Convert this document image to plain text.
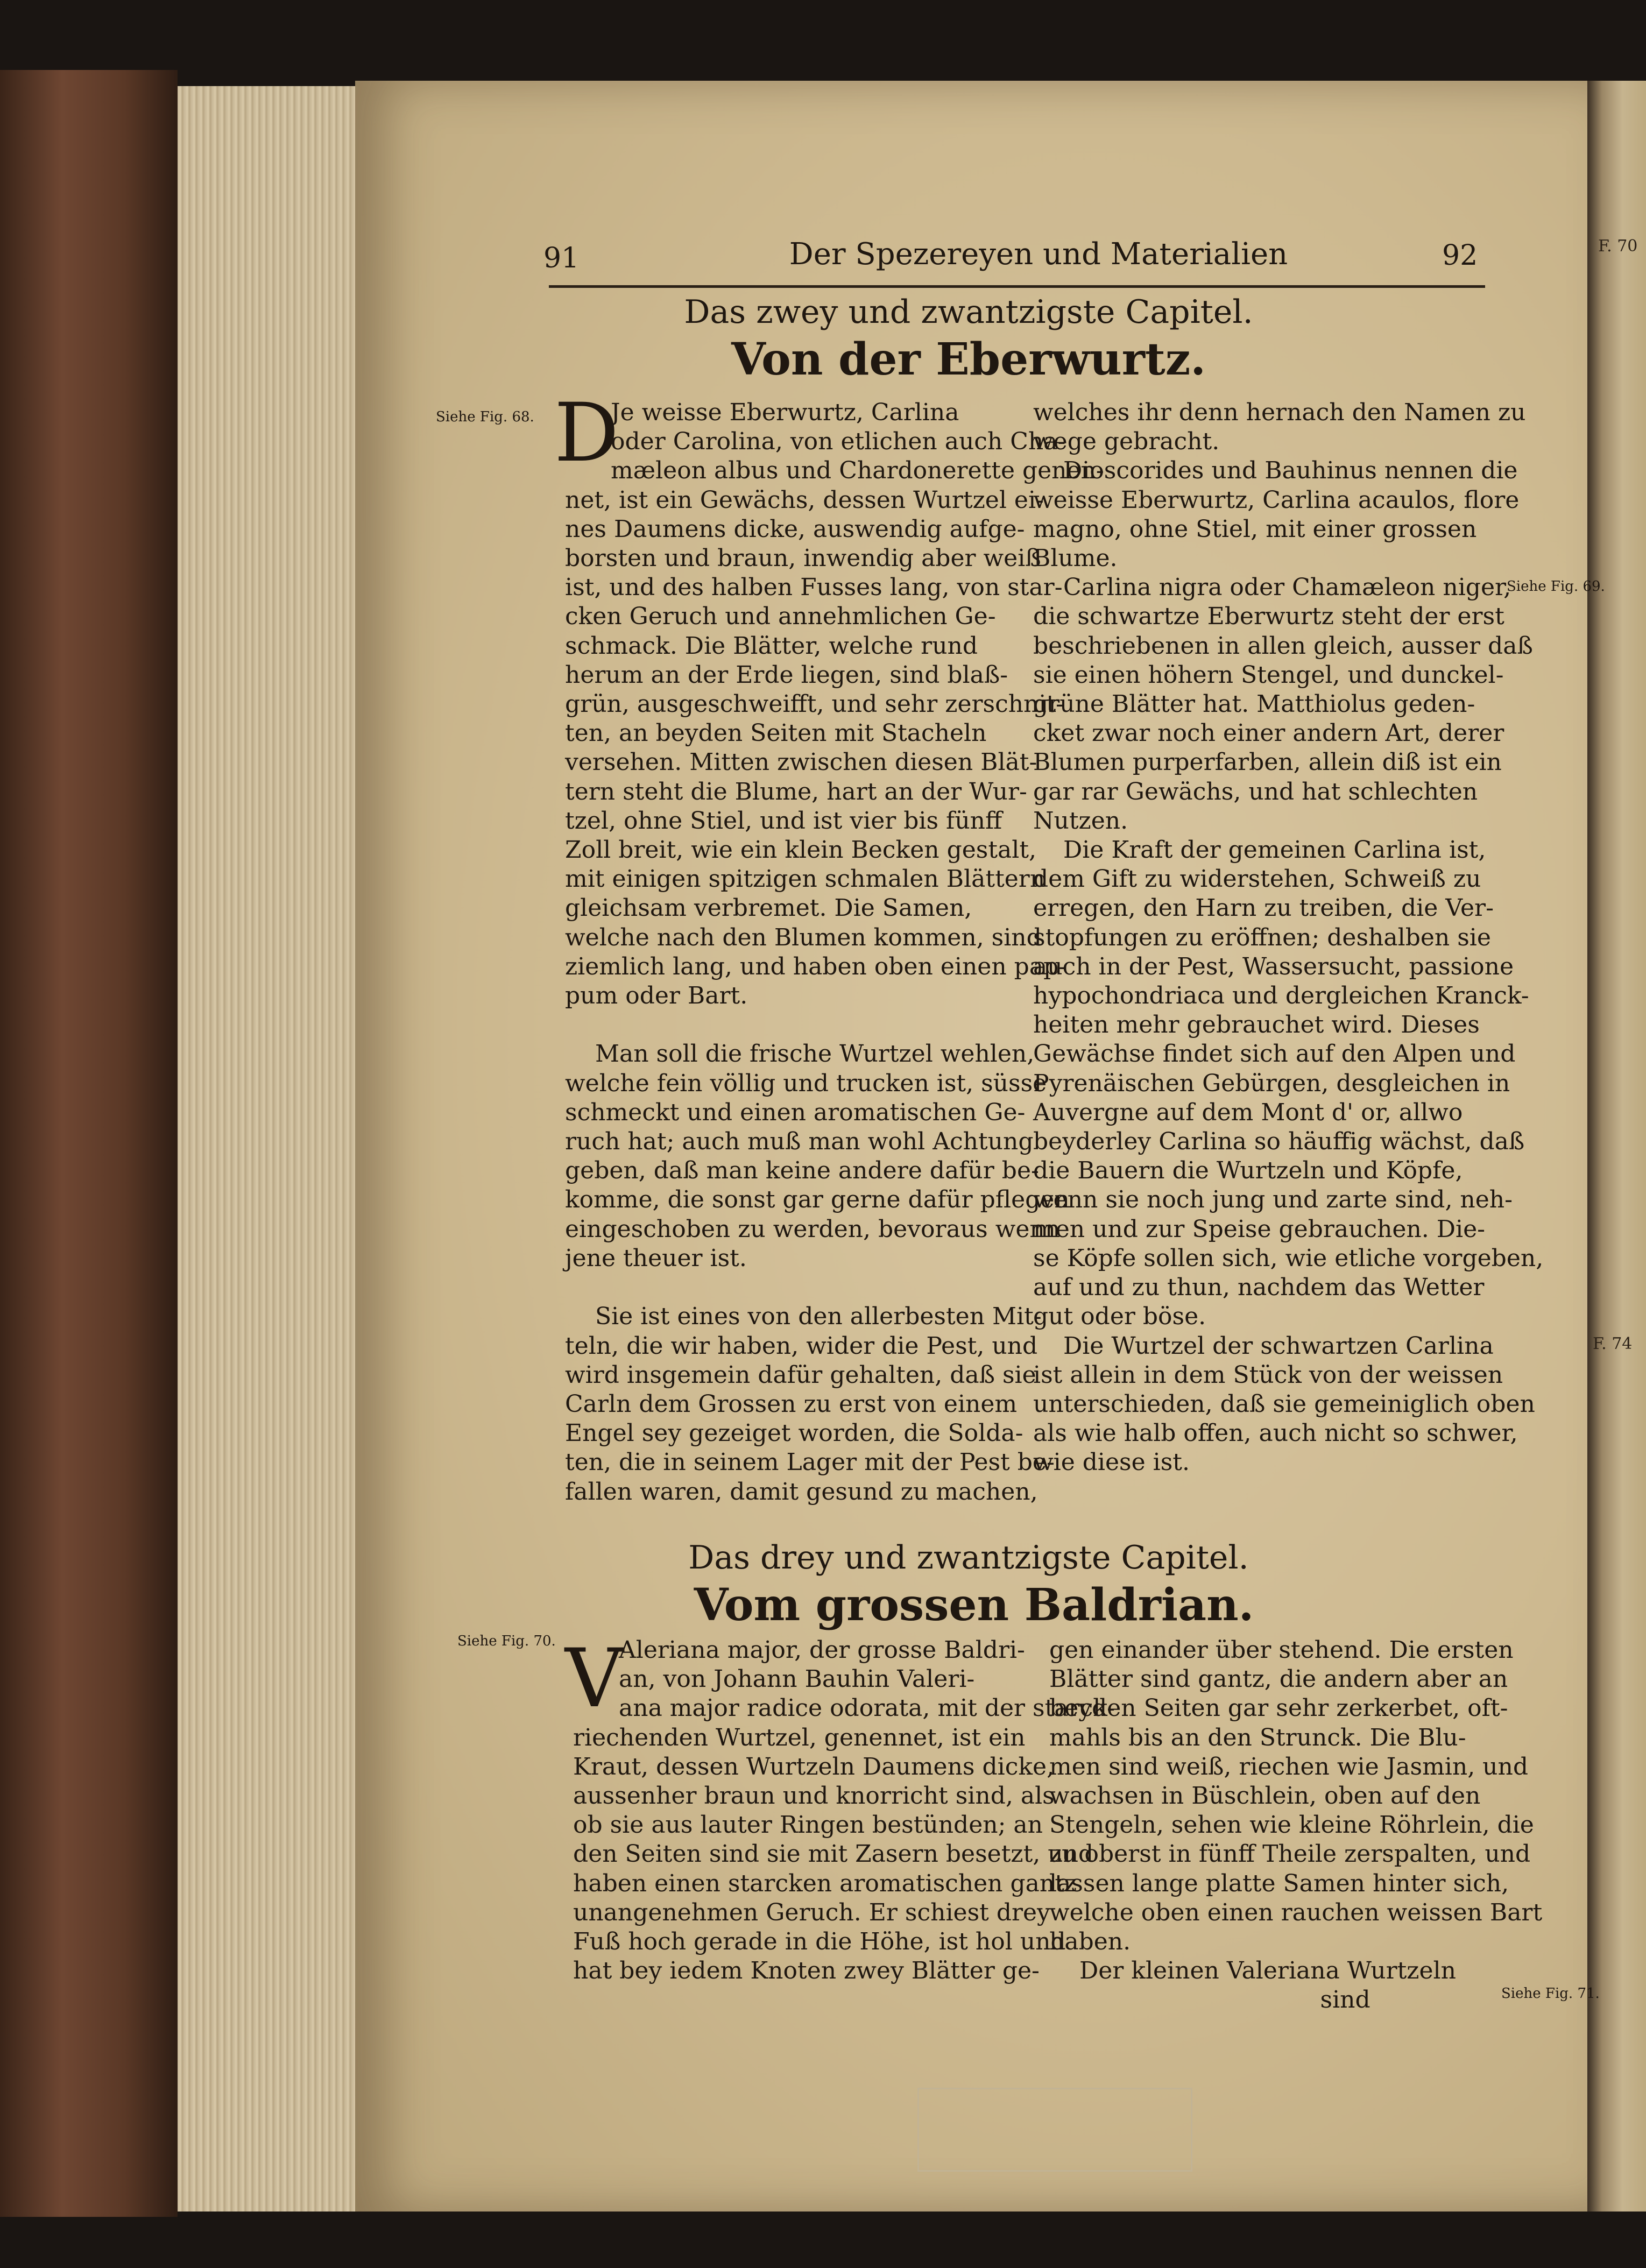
F. 70
F. 74
91	Der Spezereyen und Materialien	92
Das zwey und zwantzigste Capitel.
Von der Eberwurtz.
Siehe Fig. 68.
Siehe Fig. 69.
D
Je weisse Eberwurtz, Carlina
oder Carolina, von etlichen auch Cha-
mæleon albus und Chardonerette genen-
net, ist ein Gewächs, dessen Wurtzel ei-
nes Daumens dicke, auswendig aufge-
borsten und braun, inwendig aber weiß
ist, und des halben Fusses lang, von star-
cken Geruch und annehmlichen Ge-
schmack. Die Blätter, welche rund
herum an der Erde liegen, sind blaß-
grün, ausgeschweifft, und sehr zerschnit-
ten, an beyden Seiten mit Stacheln
versehen. Mitten zwischen diesen Blät-
tern steht die Blume, hart an der Wur-
tzel, ohne Stiel, und ist vier bis fünff
Zoll breit, wie ein klein Becken gestalt,
mit einigen spitzigen schmalen Blättern
gleichsam verbremet. Die Samen,
welche nach den Blumen kommen, sind
ziemlich lang, und haben oben einen pap-
pum oder Bart.

Man soll die frische Wurtzel wehlen,
welche fein völlig und trucken ist, süsse
schmeckt und einen aromatischen Ge-
ruch hat; auch muß man wohl Achtung
geben, daß man keine andere dafür be-
komme, die sonst gar gerne dafür pflegen
eingeschoben zu werden, bevoraus wenn
jene theuer ist.

Sie ist eines von den allerbesten Mit-
teln, die wir haben, wider die Pest, und
wird insgemein dafür gehalten, daß sie
Carln dem Grossen zu erst von einem
Engel sey gezeiget worden, die Solda-
ten, die in seinem Lager mit der Pest be-
fallen waren, damit gesund zu machen,
welches ihr denn hernach den Namen zu
wege gebracht.
Dioscorides und Bauhinus nennen die
weisse Eberwurtz, Carlina acaulos, flore
magno, ohne Stiel, mit einer grossen
Blume.
Carlina nigra oder Chamæleon niger,
die schwartze Eberwurtz steht der erst
beschriebenen in allen gleich, ausser daß
sie einen höhern Stengel, und dunckel-
grüne Blätter hat. Matthiolus geden-
cket zwar noch einer andern Art, derer
Blumen purperfarben, allein diß ist ein
gar rar Gewächs, und hat schlechten
Nutzen.
Die Kraft der gemeinen Carlina ist,
dem Gift zu widerstehen, Schweiß zu
erregen, den Harn zu treiben, die Ver-
stopfungen zu eröffnen; deshalben sie
auch in der Pest, Wassersucht, passione
hypochondriaca und dergleichen Kranck-
heiten mehr gebrauchet wird. Dieses
Gewächse findet sich auf den Alpen und
Pyrenäischen Gebürgen, desgleichen in
Auvergne auf dem Mont d' or, allwo
beyderley Carlina so häuffig wächst, daß
die Bauern die Wurtzeln und Köpfe,
wenn sie noch jung und zarte sind, neh-
men und zur Speise gebrauchen. Die-
se Köpfe sollen sich, wie etliche vorgeben,
auf und zu thun, nachdem das Wetter
gut oder böse.
Die Wurtzel der schwartzen Carlina
ist allein in dem Stück von der weissen
unterschieden, daß sie gemeiniglich oben
als wie halb offen, auch nicht so schwer,
wie diese ist.
Das drey und zwantzigste Capitel.
Vom grossen Baldrian.
Siehe Fig. 70.
Siehe Fig. 71.
V
Aleriana major, der grosse Baldri-
an, von Johann Bauhin Valeri-
ana major radice odorata, mit der starck-
riechenden Wurtzel, genennet, ist ein
Kraut, dessen Wurtzeln Daumens dicke,
aussenher braun und knorricht sind, als
ob sie aus lauter Ringen bestünden; an
den Seiten sind sie mit Zasern besetzt, und
haben einen starcken aromatischen gantz
unangenehmen Geruch. Er schiest drey
Fuß hoch gerade in die Höhe, ist hol und
hat bey iedem Knoten zwey Blätter ge-
gen einander über stehend. Die ersten
Blätter sind gantz, die andern aber an
beyden Seiten gar sehr zerkerbet, oft-
mahls bis an den Strunck. Die Blu-
men sind weiß, riechen wie Jasmin, und
wachsen in Büschlein, oben auf den
Stengeln, sehen wie kleine Röhrlein, die
zu oberst in fünff Theile zerspalten, und
lassen lange platte Samen hinter sich,
welche oben einen rauchen weissen Bart
haben.
Der kleinen Valeriana Wurtzeln
sind
